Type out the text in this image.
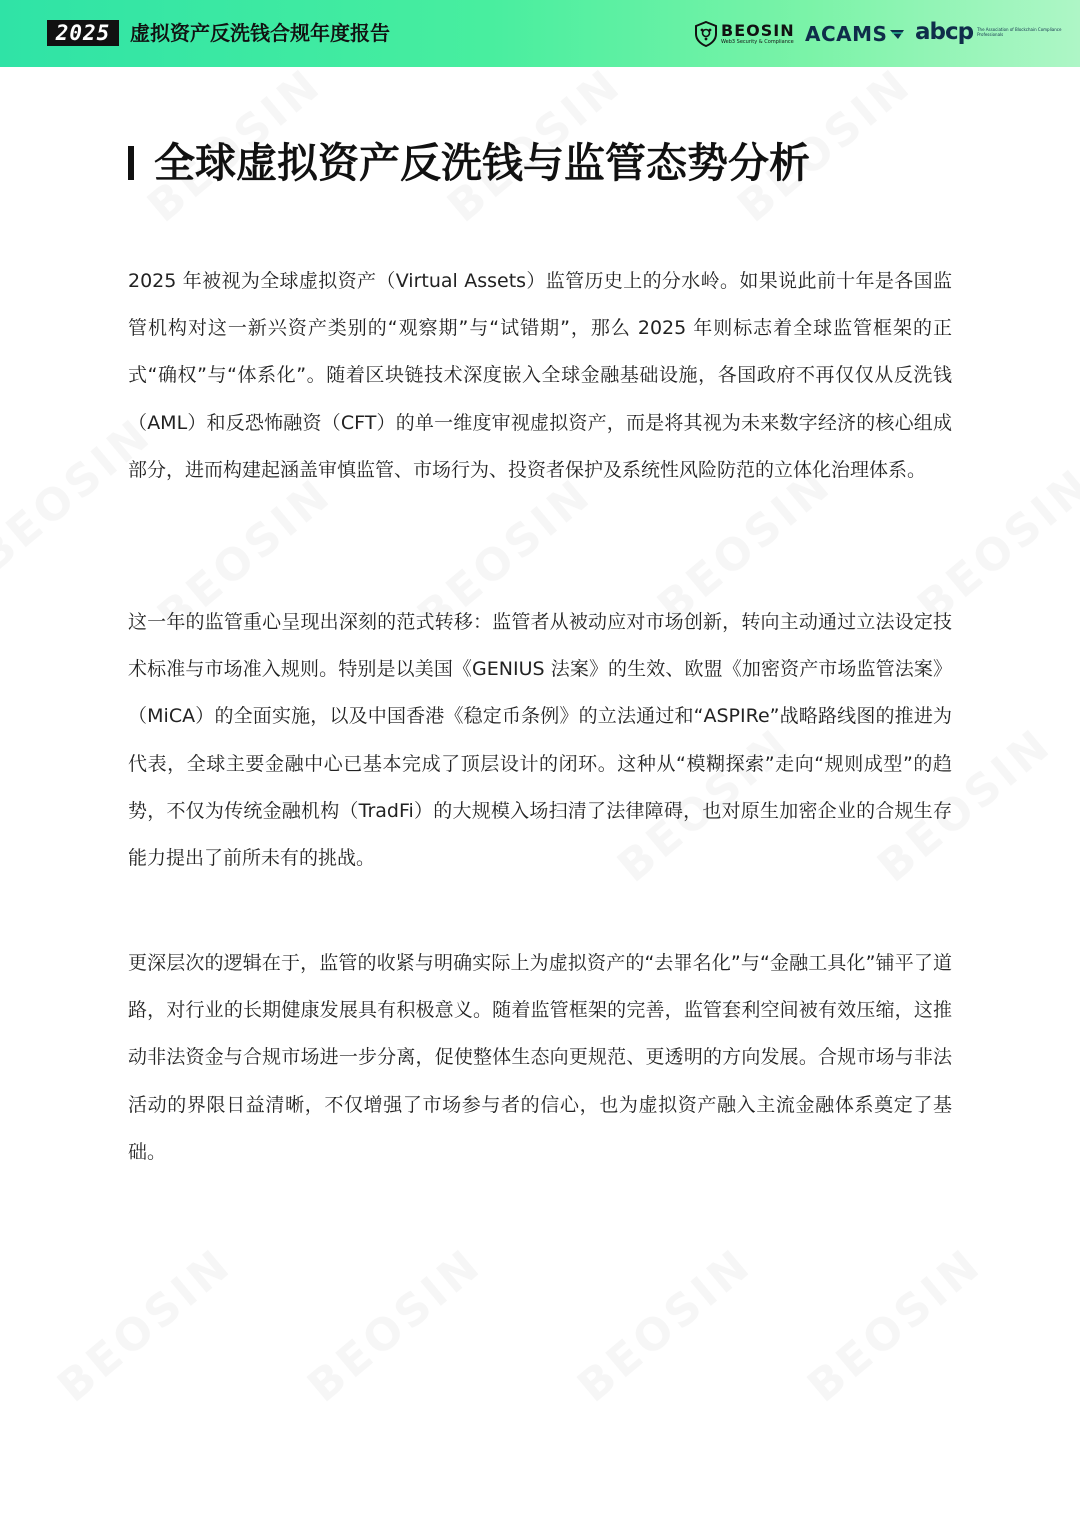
2025 虚拟资产反洗钱合规年度报告	BEOSIN
Web3 Security & Compliance ACAMS abcp The Association of Blockchain Compliance Professionals
全球虚拟资产反洗钱与监管态势分析

2025 年被视为全球虚拟资产（Virtual Assets）监管历史上的分水岭。如果说此前十年是各国监管机构对这一新兴资产类别的“观察期”与“试错期”，那么 2025 年则标志着全球监管框架的正式“确权”与“体系化”。随着区块链技术深度嵌入全球金融基础设施，各国政府不再仅仅从反洗钱（AML）和反恐怖融资（CFT）的单一维度审视虚拟资产，而是将其视为未来数字经济的核心组成部分，进而构建起涵盖审慎监管、市场行为、投资者保护及系统性风险防范的立体化治理体系。

这一年的监管重心呈现出深刻的范式转移：监管者从被动应对市场创新，转向主动通过立法设定技术标准与市场准入规则。特别是以美国《GENIUS 法案》的生效、欧盟《加密资产市场监管法案》（MiCA）的全面实施，以及中国香港《稳定币条例》的立法通过和“ASPIRe”战略路线图的推进为代表，全球主要金融中心已基本完成了顶层设计的闭环。这种从“模糊探索”走向“规则成型”的趋势，不仅为传统金融机构（TradFi）的大规模入场扫清了法律障碍，也对原生加密企业的合规生存能力提出了前所未有的挑战。

更深层次的逻辑在于，监管的收紧与明确实际上为虚拟资产的“去罪名化”与“金融工具化”铺平了道路，对行业的长期健康发展具有积极意义。随着监管框架的完善，监管套利空间被有效压缩，这推动非法资金与合规市场进一步分离，促使整体生态向更规范、更透明的方向发展。合规市场与非法活动的界限日益清晰，不仅增强了市场参与者的信心，也为虚拟资产融入主流金融体系奠定了基础。
